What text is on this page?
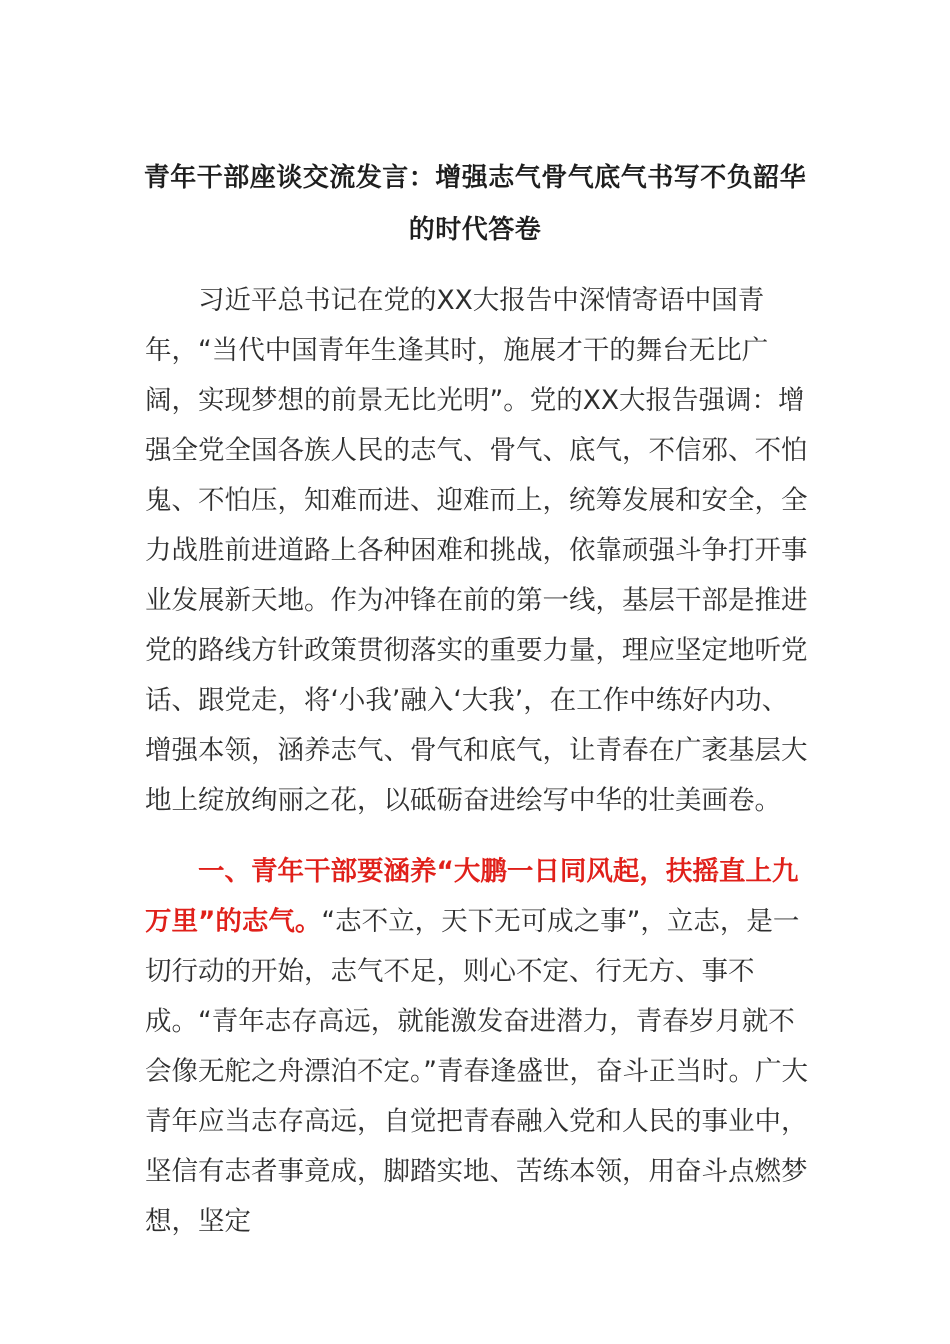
青年干部座谈交流发言：增强志气骨气底气书写不负韶华
的时代答卷

习近平总书记在党的XX大报告中深情寄语中国青年，“当代中国青年生逢其时，施展才干的舞台无比广阔，实现梦想的前景无比光明”。党的XX大报告强调：增强全党全国各族人民的志气、骨气、底气，不信邪、不怕鬼、不怕压，知难而进、迎难而上，统筹发展和安全，全力战胜前进道路上各种困难和挑战，依靠顽强斗争打开事业发展新天地。作为冲锋在前的第一线，基层干部是推进党的路线方针政策贯彻落实的重要力量，理应坚定地听党话、跟党走，将‘小我’融入‘大我’，在工作中练好内功、增强本领，涵养志气、骨气和底气，让青春在广袤基层大地上绽放绚丽之花，以砥砺奋进绘写中华的壮美画卷。

一、青年干部要涵养“大鹏一日同风起，扶摇直上九万里”的志气。“志不立，天下无可成之事”，立志，是一切行动的开始，志气不足，则心不定、行无方、事不成。“青年志存高远，就能激发奋进潜力，青春岁月就不会像无舵之舟漂泊不定。”青春逢盛世，奋斗正当时。广大青年应当志存高远，自觉把青春融入党和人民的事业中，坚信有志者事竟成，脚踏实地、苦练本领，用奋斗点燃梦想，坚定
